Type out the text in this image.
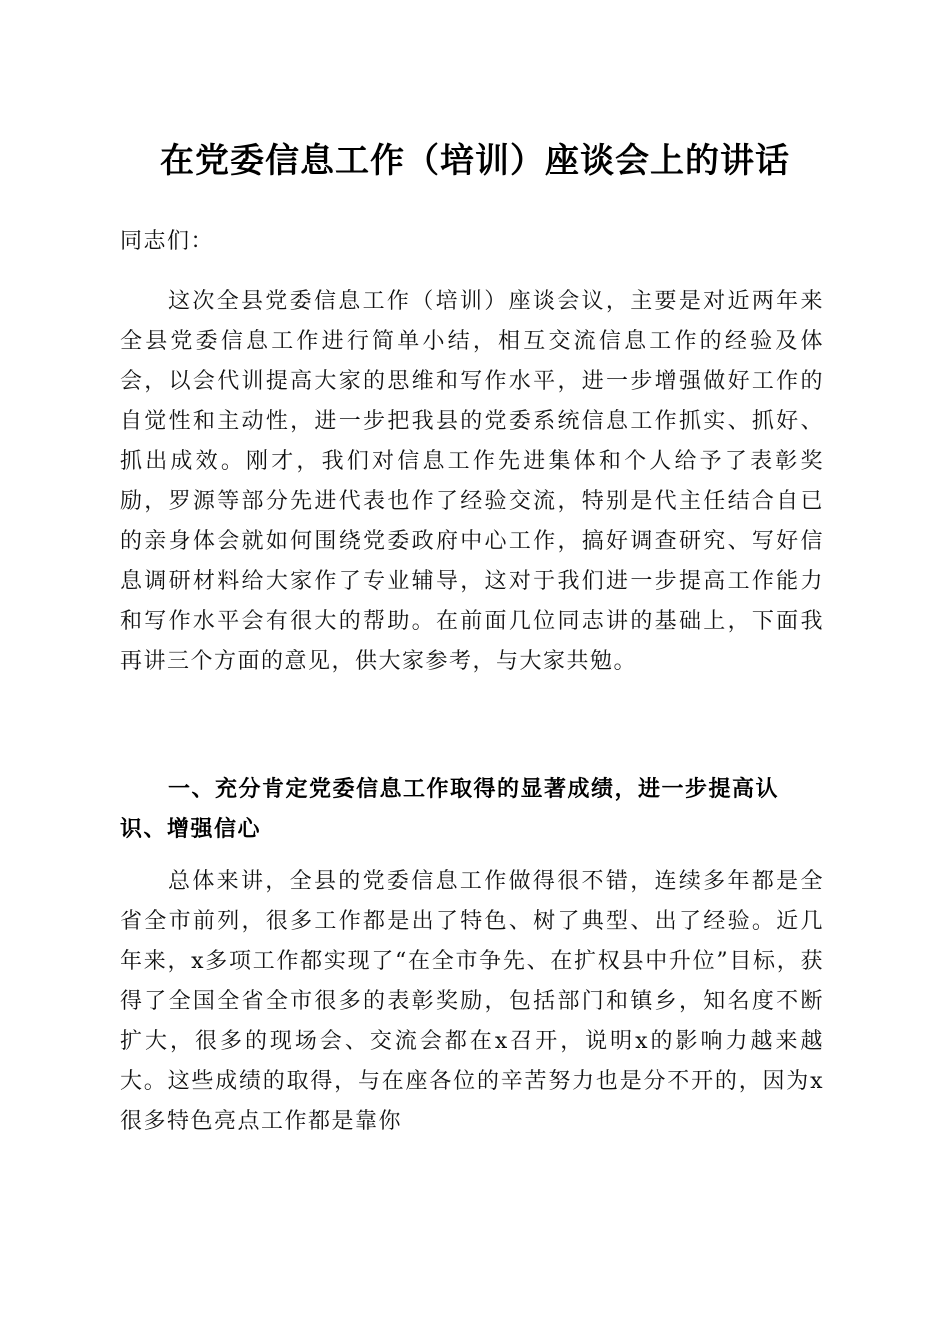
在党委信息工作（培训）座谈会上的讲话

同志们：

这次全县党委信息工作（培训）座谈会议，主要是对近两年来全县党委信息工作进行简单小结，相互交流信息工作的经验及体会，以会代训提高大家的思维和写作水平，进一步增强做好工作的自觉性和主动性，进一步把我县的党委系统信息工作抓实、抓好、抓出成效。刚才，我们对信息工作先进集体和个人给予了表彰奖励，罗源等部分先进代表也作了经验交流，特别是代主任结合自已的亲身体会就如何围绕党委政府中心工作，搞好调查研究、写好信息调研材料给大家作了专业辅导，这对于我们进一步提高工作能力和写作水平会有很大的帮助。在前面几位同志讲的基础上，下面我再讲三个方面的意见，供大家参考，与大家共勉。

一、充分肯定党委信息工作取得的显著成绩，进一步提高认识、增强信心

总体来讲，全县的党委信息工作做得很不错，连续多年都是全省全市前列，很多工作都是出了特色、树了典型、出了经验。近几年来，x多项工作都实现了“在全市争先、在扩权县中升位”目标，获得了全国全省全市很多的表彰奖励，包括部门和镇乡，知名度不断扩大，很多的现场会、交流会都在x召开，说明x的影响力越来越大。这些成绩的取得，与在座各位的辛苦努力也是分不开的，因为x很多特色亮点工作都是靠你
